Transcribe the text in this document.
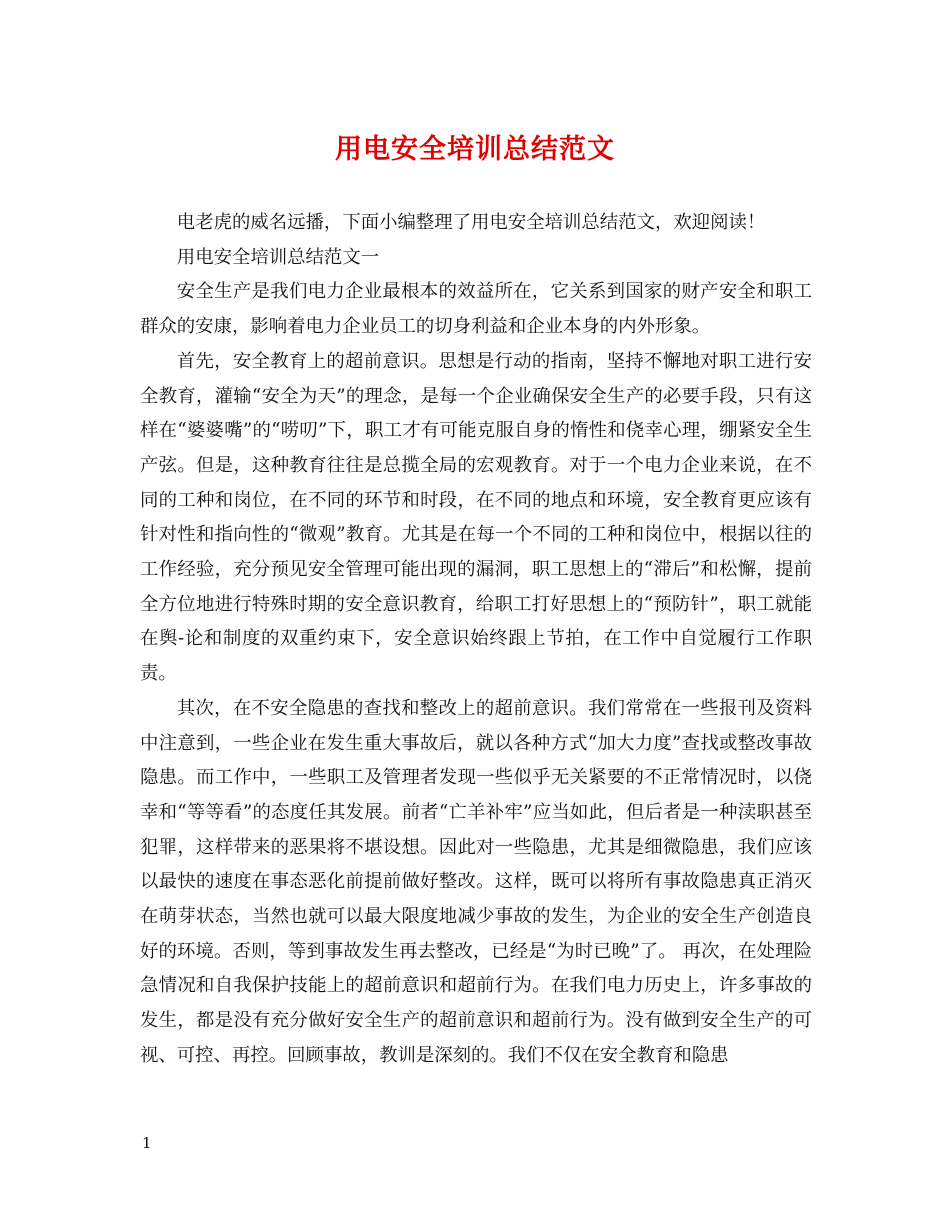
用电安全培训总结范文

电老虎的威名远播，下面小编整理了用电安全培训总结范文，欢迎阅读！

用电安全培训总结范文一

安全生产是我们电力企业最根本的效益所在，它关系到国家的财产安全和职工群众的安康，影响着电力企业员工的切身利益和企业本身的内外形象。

首先，安全教育上的超前意识。思想是行动的指南，坚持不懈地对职工进行安全教育，灌输“安全为天”的理念，是每一个企业确保安全生产的必要手段，只有这样在“婆婆嘴”的“唠叨”下，职工才有可能克服自身的惰性和侥幸心理，绷紧安全生产弦。但是，这种教育往往是总揽全局的宏观教育。对于一个电力企业来说，在不同的工种和岗位，在不同的环节和时段，在不同的地点和环境，安全教育更应该有针对性和指向性的“微观”教育。尤其是在每一个不同的工种和岗位中，根据以往的工作经验，充分预见安全管理可能出现的漏洞，职工思想上的“滞后”和松懈，提前全方位地进行特殊时期的安全意识教育，给职工打好思想上的“预防针”，职工就能在舆-论和制度的双重约束下，安全意识始终跟上节拍，在工作中自觉履行工作职责。

其次，在不安全隐患的查找和整改上的超前意识。我们常常在一些报刊及资料中注意到，一些企业在发生重大事故后，就以各种方式“加大力度”查找或整改事故隐患。而工作中，一些职工及管理者发现一些似乎无关紧要的不正常情况时，以侥幸和“等等看”的态度任其发展。前者“亡羊补牢”应当如此，但后者是一种渎职甚至犯罪，这样带来的恶果将不堪设想。因此对一些隐患，尤其是细微隐患，我们应该以最快的速度在事态恶化前提前做好整改。这样，既可以将所有事故隐患真正消灭在萌芽状态，当然也就可以最大限度地减少事故的发生，为企业的安全生产创造良好的环境。否则，等到事故发生再去整改，已经是“为时已晚”了。 再次，在处理险急情况和自我保护技能上的超前意识和超前行为。在我们电力历史上，许多事故的发生，都是没有充分做好安全生产的超前意识和超前行为。没有做到安全生产的可视、可控、再控。回顾事故，教训是深刻的。我们不仅在安全教育和隐患

1
